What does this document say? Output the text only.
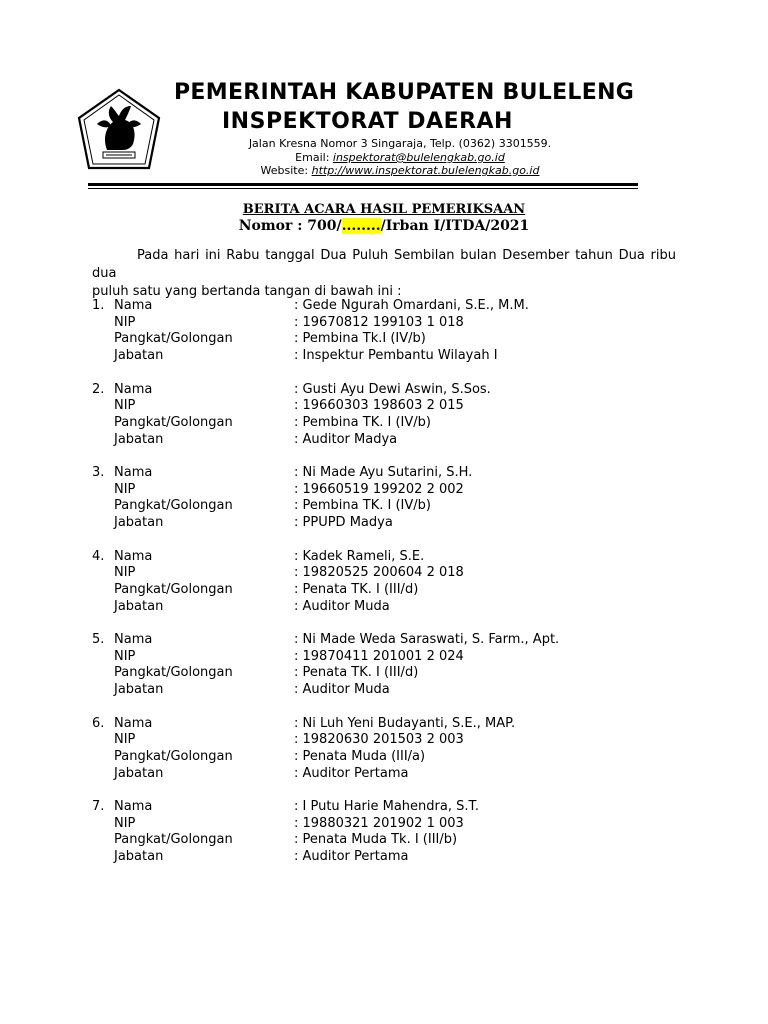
PEMERINTAH KABUPATEN BULELENG
INSPEKTORAT DAERAH
Jalan Kresna Nomor 3 Singaraja, Telp. (0362) 3301559.
Email: inspektorat@bulelengkab.go.id
Website: http://www.inspektorat.bulelengkab.go.id
BERITA ACARA HASIL PEMERIKSAAN
Nomor : 700/......../Irban I/ITDA/2021

Pada hari ini Rabu tanggal Dua Puluh Sembilan bulan Desember tahun Dua ribu dua
puluh satu yang bertanda tangan di bawah ini :

1. Nama	: Gede Ngurah Omardani, S.E., M.M.
NIP	: 19670812 199103 1 018
Pangkat/Golongan	: Pembina Tk.I (IV/b)
Jabatan	: Inspektur Pembantu Wilayah I
2. Nama	: Gusti Ayu Dewi Aswin, S.Sos.
NIP	: 19660303 198603 2 015
Pangkat/Golongan	: Pembina TK. I (IV/b)
Jabatan	: Auditor Madya
3. Nama	: Ni Made Ayu Sutarini, S.H.
NIP	: 19660519 199202 2 002
Pangkat/Golongan	: Pembina TK. I (IV/b)
Jabatan	: PPUPD Madya
4. Nama	: Kadek Rameli, S.E.
NIP	: 19820525 200604 2 018
Pangkat/Golongan	: Penata TK. I (III/d)
Jabatan	: Auditor Muda
5. Nama	: Ni Made Weda Saraswati, S. Farm., Apt.
NIP	: 19870411 201001 2 024
Pangkat/Golongan	: Penata TK. I (III/d)
Jabatan	: Auditor Muda
6. Nama	: Ni Luh Yeni Budayanti, S.E., MAP.
NIP	: 19820630 201503 2 003
Pangkat/Golongan	: Penata Muda (III/a)
Jabatan	: Auditor Pertama
7. Nama	: I Putu Harie Mahendra, S.T.
NIP	: 19880321 201902 1 003
Pangkat/Golongan	: Penata Muda Tk. I (III/b)
Jabatan	: Auditor Pertama
